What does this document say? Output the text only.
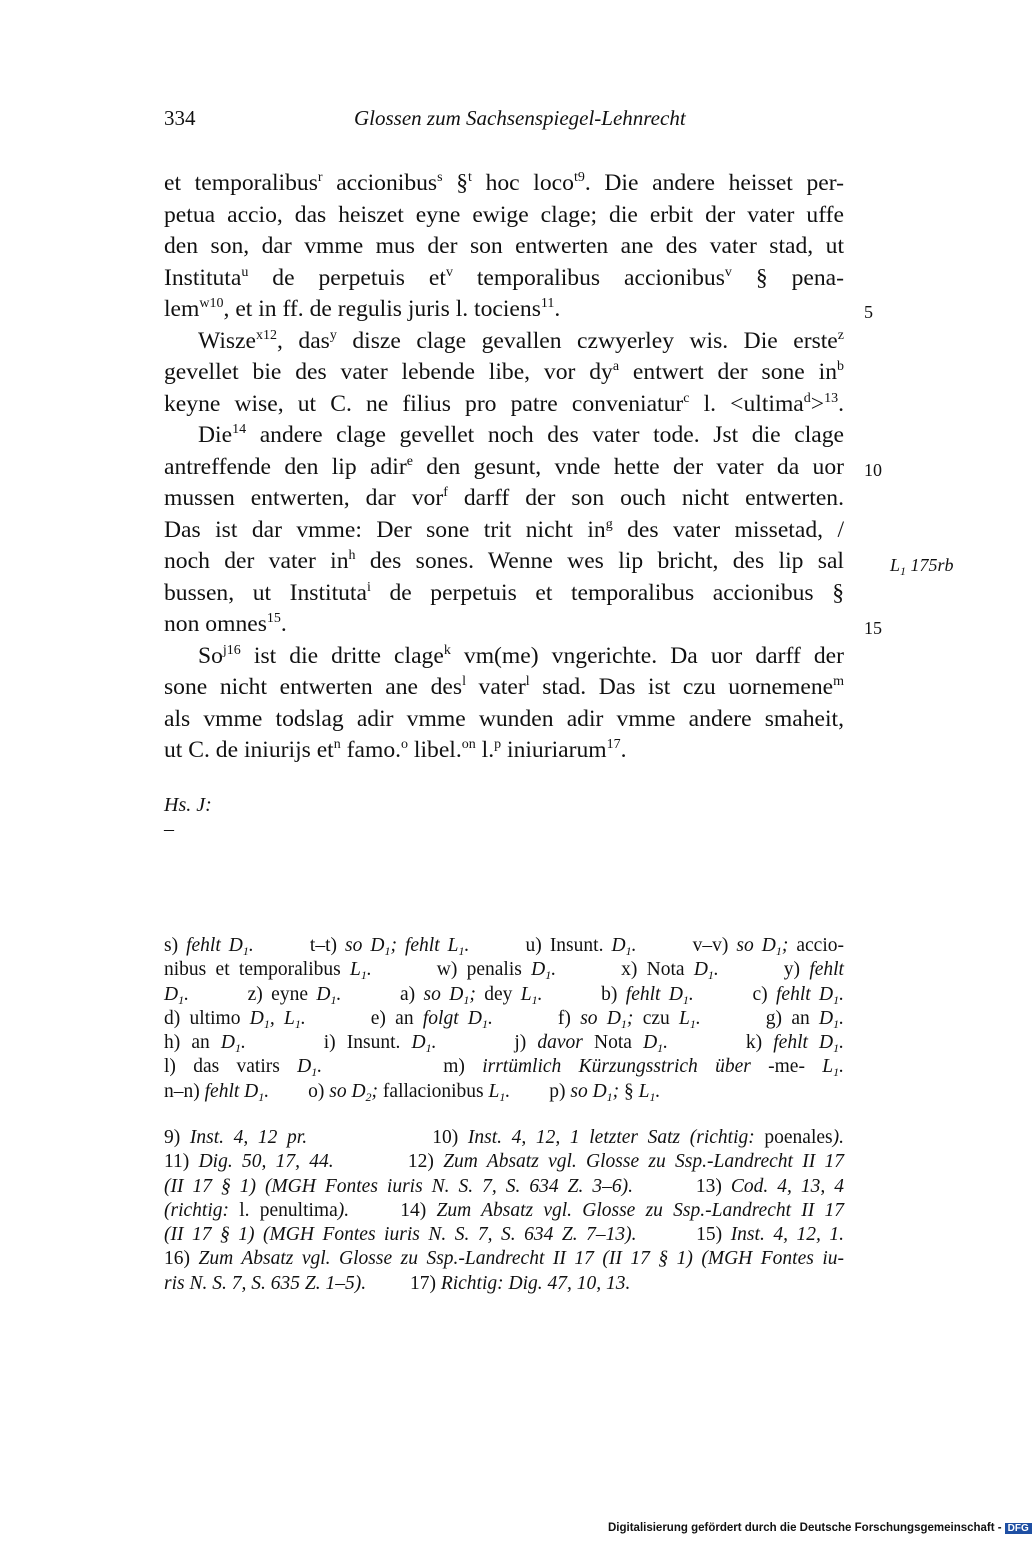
334	Glossen zum Sachsenspiegel-Lehnrecht
et temporalibus$^r$ accionibus$^s$ §$^t$ hoc loco$^{t9}$. Die andere heisset per-
petua accio, das heiszet eyne ewige clage; die erbit der vater uffe
den son, dar vmme mus der son entwerten ane des vater stad, ut
Institutа$^u$ de perpetuis $et^v$ temporalibus accionibus$^v$ § pena-
lem$^{w10}$, et in ff. de regulis juris l. tociens$^{11}$.
Wisze$^{x12}$, das$^y$ disze clage gevallen czwyerley wis. Die erste$^z$
gevellet bie des vater lebende libe, vor $dy^a$ entwert der sone $in^b$
keyne wise, ut C. ne filius pro patre conveniatur$^c$ l. <ultima$^d$>$^{13}$.
Die$^{14}$ andere clage gevellet noch des vater tode. Jst die clage
antreffende den lip adir$^e$ den gesunt, vnde hette der vater da uor
mussen entwerten, dar vor$^f$ darff der son ouch nicht entwerten.
Das ist dar vmme: Der sone trit nicht $in^g$ des vater missetad, /
noch der vater $in^h$ des sones. Wenne wes lip bricht, des lip sal
bussen, ut Instituta$^i$ de perpetuis et temporalibus accionibus §
non omnes$^{15}$.
$So^{j16}$ ist die dritte clage$^k$ vm(me) vngerichte. Da uor darff der
sone nicht entwerten ane des$^l$ vater$^l$ stad. Das ist czu uornemene$^m$
als vmme todslag adir vmme wunden adir vmme andere smaheit,
ut C. de iniurijs $et^n$ famo.$^o$ libel.$^{on}$ l.$^p$ iniuriarum$^{17}$.
5
10
15
$L_1$ 175rb
Hs. J:
–
s) fehlt $D_1$.       t–t) so $D_1$; fehlt $L_1$.       u) Insunt. $D_1$.       v–v) so $D_1$; accio-
nibus et temporalibus $L_1$.       w) penalis $D_1$.       x) Nota $D_1$.       y) fehlt
$D_1$.       z) eyne $D_1$.       a) so $D_1$; dey $L_1$.       b) fehlt $D_1$.       c) fehlt $D_1$.
d) ultimo $D_1$, $L_1$.       e) an folgt $D_1$.       f) so $D_1$; czu $L_1$.       g) an $D_1$.
h) an $D_1$.       i) Insunt. $D_1$.       j) davor Nota $D_1$.       k) fehlt $D_1$.
l) das vatirs $D_1$.       m) irrtümlich Kürzungsstrich über -me- $L_1$.
n–n) fehlt $D_1$.        o) so $D_2$; fallacionibus $L_1$.        p) so $D_1$; § $L_1$.
9) Inst. 4, 12 pr.             10) Inst. 4, 12, 1 letzter Satz (richtig: poenales).
11) Dig. 50, 17, 44.        12) Zum Absatz vgl. Glosse zu Ssp.-Landrecht II 17
(II 17 § 1) (MGH Fontes iuris N. S. 7, S. 634 Z. 3–6).       13) Cod. 4, 13, 4
(richtig: l. penultima).     14) Zum Absatz vgl. Glosse zu Ssp.-Landrecht II 17
(II 17 § 1) (MGH Fontes iuris N. S. 7, S. 634 Z. 7–13).       15) Inst. 4, 12, 1.
16) Zum Absatz vgl. Glosse zu Ssp.-Landrecht II 17 (II 17 § 1) (MGH Fontes iu-
ris N. S. 7, S. 635 Z. 1–5).         17) Richtig: Dig. 47, 10, 13.
Digitalisierung gefördert durch die Deutsche Forschungsgemeinschaft - DFG
